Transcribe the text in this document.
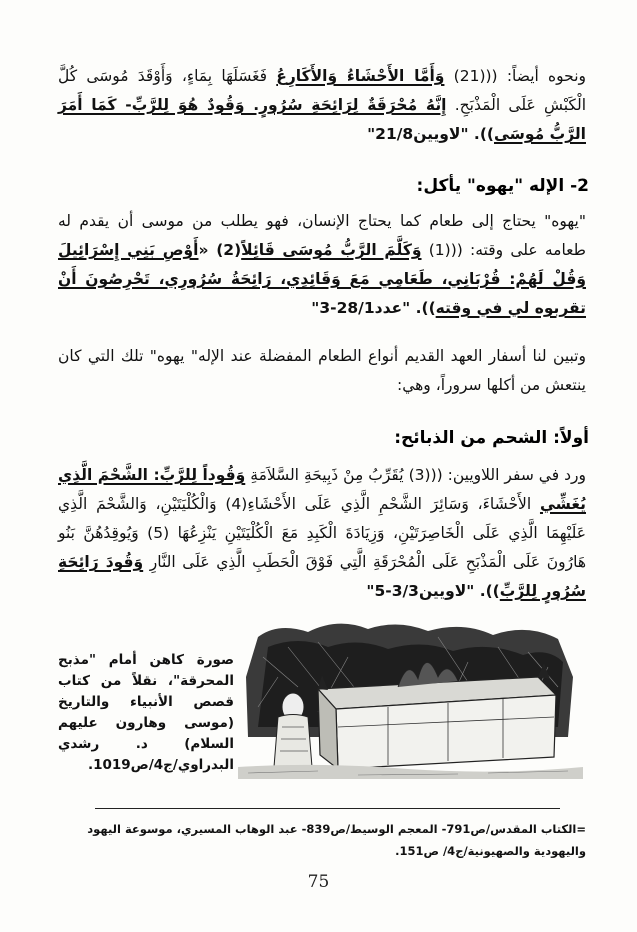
ونحوه أيضاً: (((21) وَأَمَّا الأَحْشَاءُ وَالأَكَارِعُ فَغَسَلَهَا بِمَاءٍ، وَأَوْقَدَ مُوسَى كُلَّ الْكَبْشِ عَلَى الْمَذْبَحِ. إِنَّهُ مُحْرَقَةٌ لِرَائِحَةِ سُرُورٍ. وَقُودٌ هُوَ لِلرَّبِّ- كَمَا أَمَرَ الرَّبُّ مُوسَى)). "لاويين21/8"
2- الإله "يهوه" يأكل:
"يهوه" يحتاج إلى طعام كما يحتاج الإنسان، فهو يطلب من موسى أن يقدم له طعامه على وقته: (((1) وَكَلَّمَ الرَّبُّ مُوسَى قَائِلاً(2) «أَوْصِ بَنِي إِسْرَائِيلَ وَقُلْ لَهُمْ: قُرْبَانِي، طَعَامِي مَعَ وَقَائِدِي، رَائِحَةُ سُرُورِي، تَحْرِصُونَ أَنْ تقربوه لي في وقته)). "عدد28/1-3"
وتبين لنا أسفار العهد القديم أنواع الطعام المفضلة عند الإله" يهوه" تلك التي كان ينتعش من أكلها سروراً، وهي:
أولاً: الشحم من الذبائح:
ورد في سفر اللاويين: (((3) يُقَرِّبُ مِنْ ذَبِيحَةِ السَّلاَمَةِ وَقُوداً لِلرَّبِّ: الشَّحْمَ الَّذِي يُغَشِّي الأَحْشَاءَ، وَسَائِرَ الشَّحْمِ الَّذِي عَلَى الأَحْشَاءِ(4) وَالْكُلْيَتَيْنِ، وَالشَّحْمَ الَّذِي عَلَيْهِمَا الَّذِي عَلَى الْخَاصِرَتَيْنِ، وَزِيَادَةَ الْكَبِدِ مَعَ الْكُلْيَتَيْنِ يَنْزِعُهَا (5) وَيُوقِدُهُنَّ بَنُو هَارُونَ عَلَى الْمَذْبَحِ عَلَى الْمُحْرَقَةِ الَّتِي فَوْقَ الْحَطَبِ الَّذِي عَلَى النَّارِ وَقُودَ رَائِحَةِ سُرُورٍ لِلرَّبِّ)). "لاويين3/3-5"
صورة كاهن أمام "مذبح المحرقة"، نقلاً من كتاب قصص الأنبياء والتاريخ (موسى وهارون عليهم السلام) د. رشدي البدراوي/ج4/ص1019.
=الكتاب المقدس/ص791- المعجم الوسيط/ص839- عبد الوهاب المسيري، موسوعة اليهود واليهودية والصهيونية/ج4/ ص151.
75
